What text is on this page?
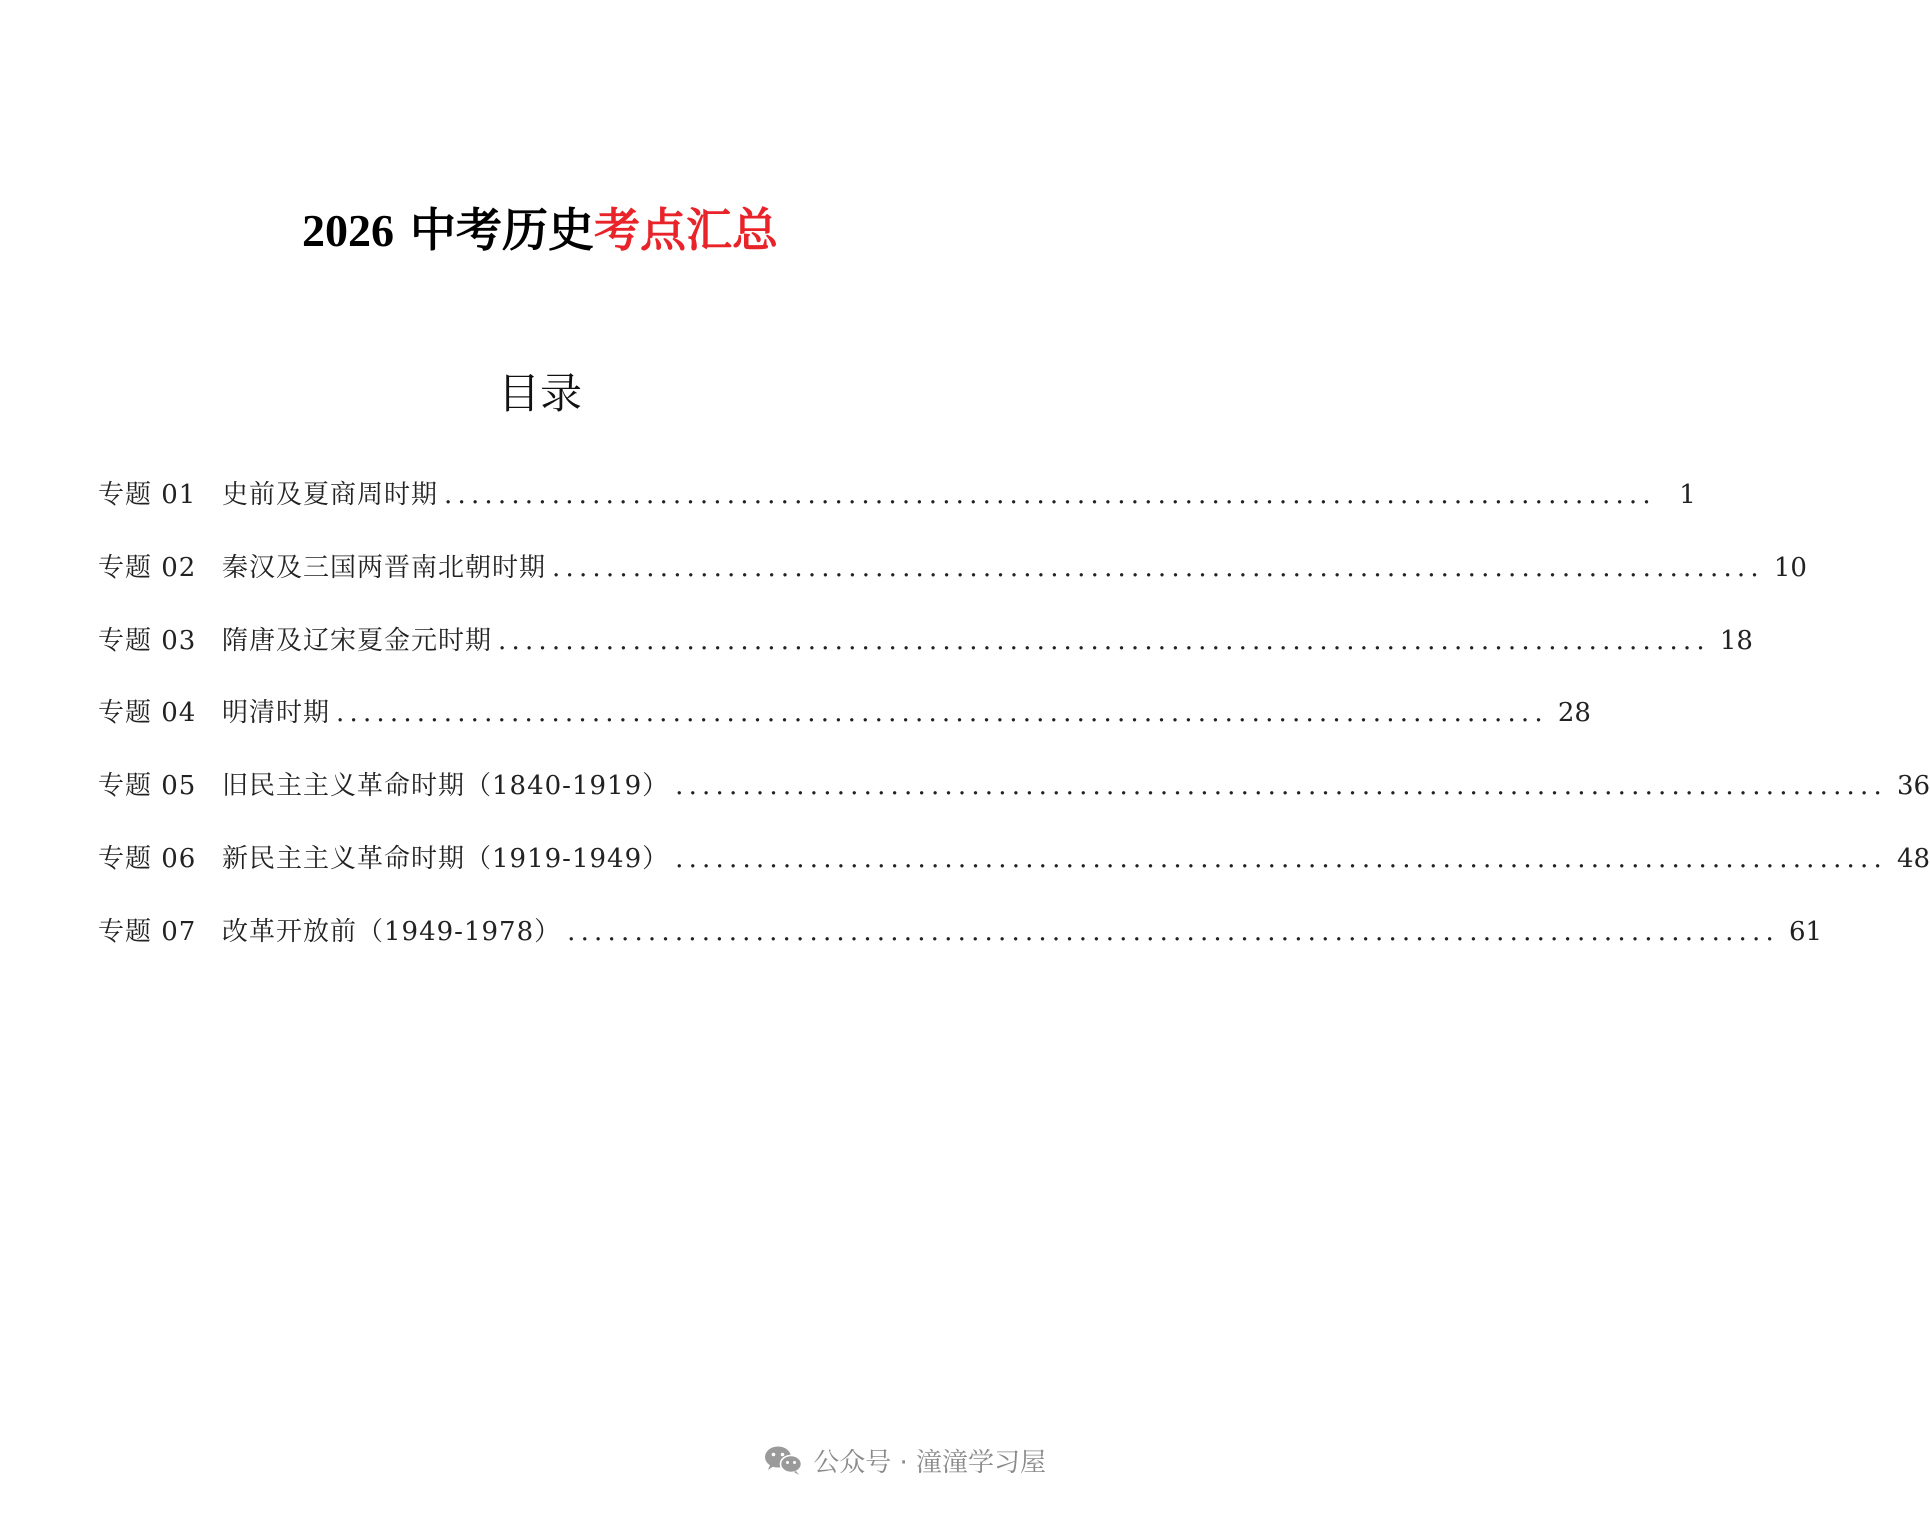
2026 中考历史考点汇总
目录
专题 01 史前及夏商周时期 .......................................................................................... 1
专题 02 秦汉及三国两晋南北朝时期 .......................................................................................... 10
专题 03 隋唐及辽宋夏金元时期 .......................................................................................... 18
专题 04 明清时期 .......................................................................................... 28
专题 05 旧民主主义革命时期（1840-1919） .......................................................................................... 36
专题 06 新民主主义革命时期（1919-1949） .......................................................................................... 48
专题 07 改革开放前（1949-1978） .......................................................................................... 61
公众号 · 潼潼学习屋
